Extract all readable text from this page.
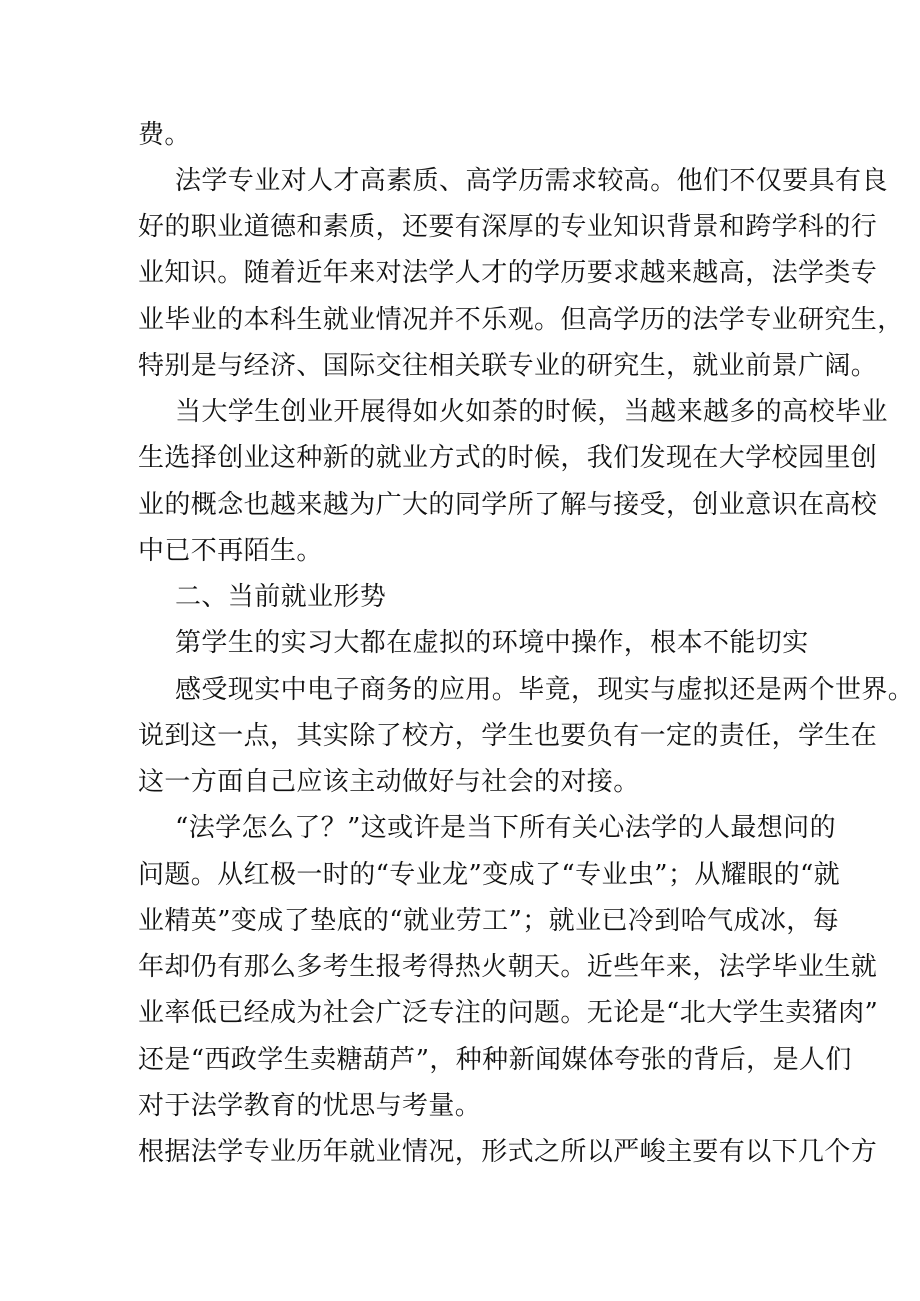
费。
法学专业对人才高素质、高学历需求较高。他们不仅要具有良
好的职业道德和素质，还要有深厚的专业知识背景和跨学科的行
业知识。随着近年来对法学人才的学历要求越来越高，法学类专
业毕业的本科生就业情况并不乐观。但高学历的法学专业研究生，
特别是与经济、国际交往相关联专业的研究生，就业前景广阔。
当大学生创业开展得如火如荼的时候，当越来越多的高校毕业
生选择创业这种新的就业方式的时候，我们发现在大学校园里创
业的概念也越来越为广大的同学所了解与接受，创业意识在高校
中已不再陌生。
二、当前就业形势
第学生的实习大都在虚拟的环境中操作，根本不能切实
感受现实中电子商务的应用。毕竟，现实与虚拟还是两个世界。
说到这一点，其实除了校方，学生也要负有一定的责任，学生在
这一方面自己应该主动做好与社会的对接。
“法学怎么了？”这或许是当下所有关心法学的人最想问的
问题。从红极一时的“专业龙”变成了“专业虫”；从耀眼的“就
业精英”变成了垫底的“就业劳工”；就业已冷到哈气成冰，每
年却仍有那么多考生报考得热火朝天。近些年来，法学毕业生就
业率低已经成为社会广泛专注的问题。无论是“北大学生卖猪肉”
还是“西政学生卖糖葫芦”，种种新闻媒体夸张的背后，是人们
对于法学教育的忧思与考量。
根据法学专业历年就业情况，形式之所以严峻主要有以下几个方
